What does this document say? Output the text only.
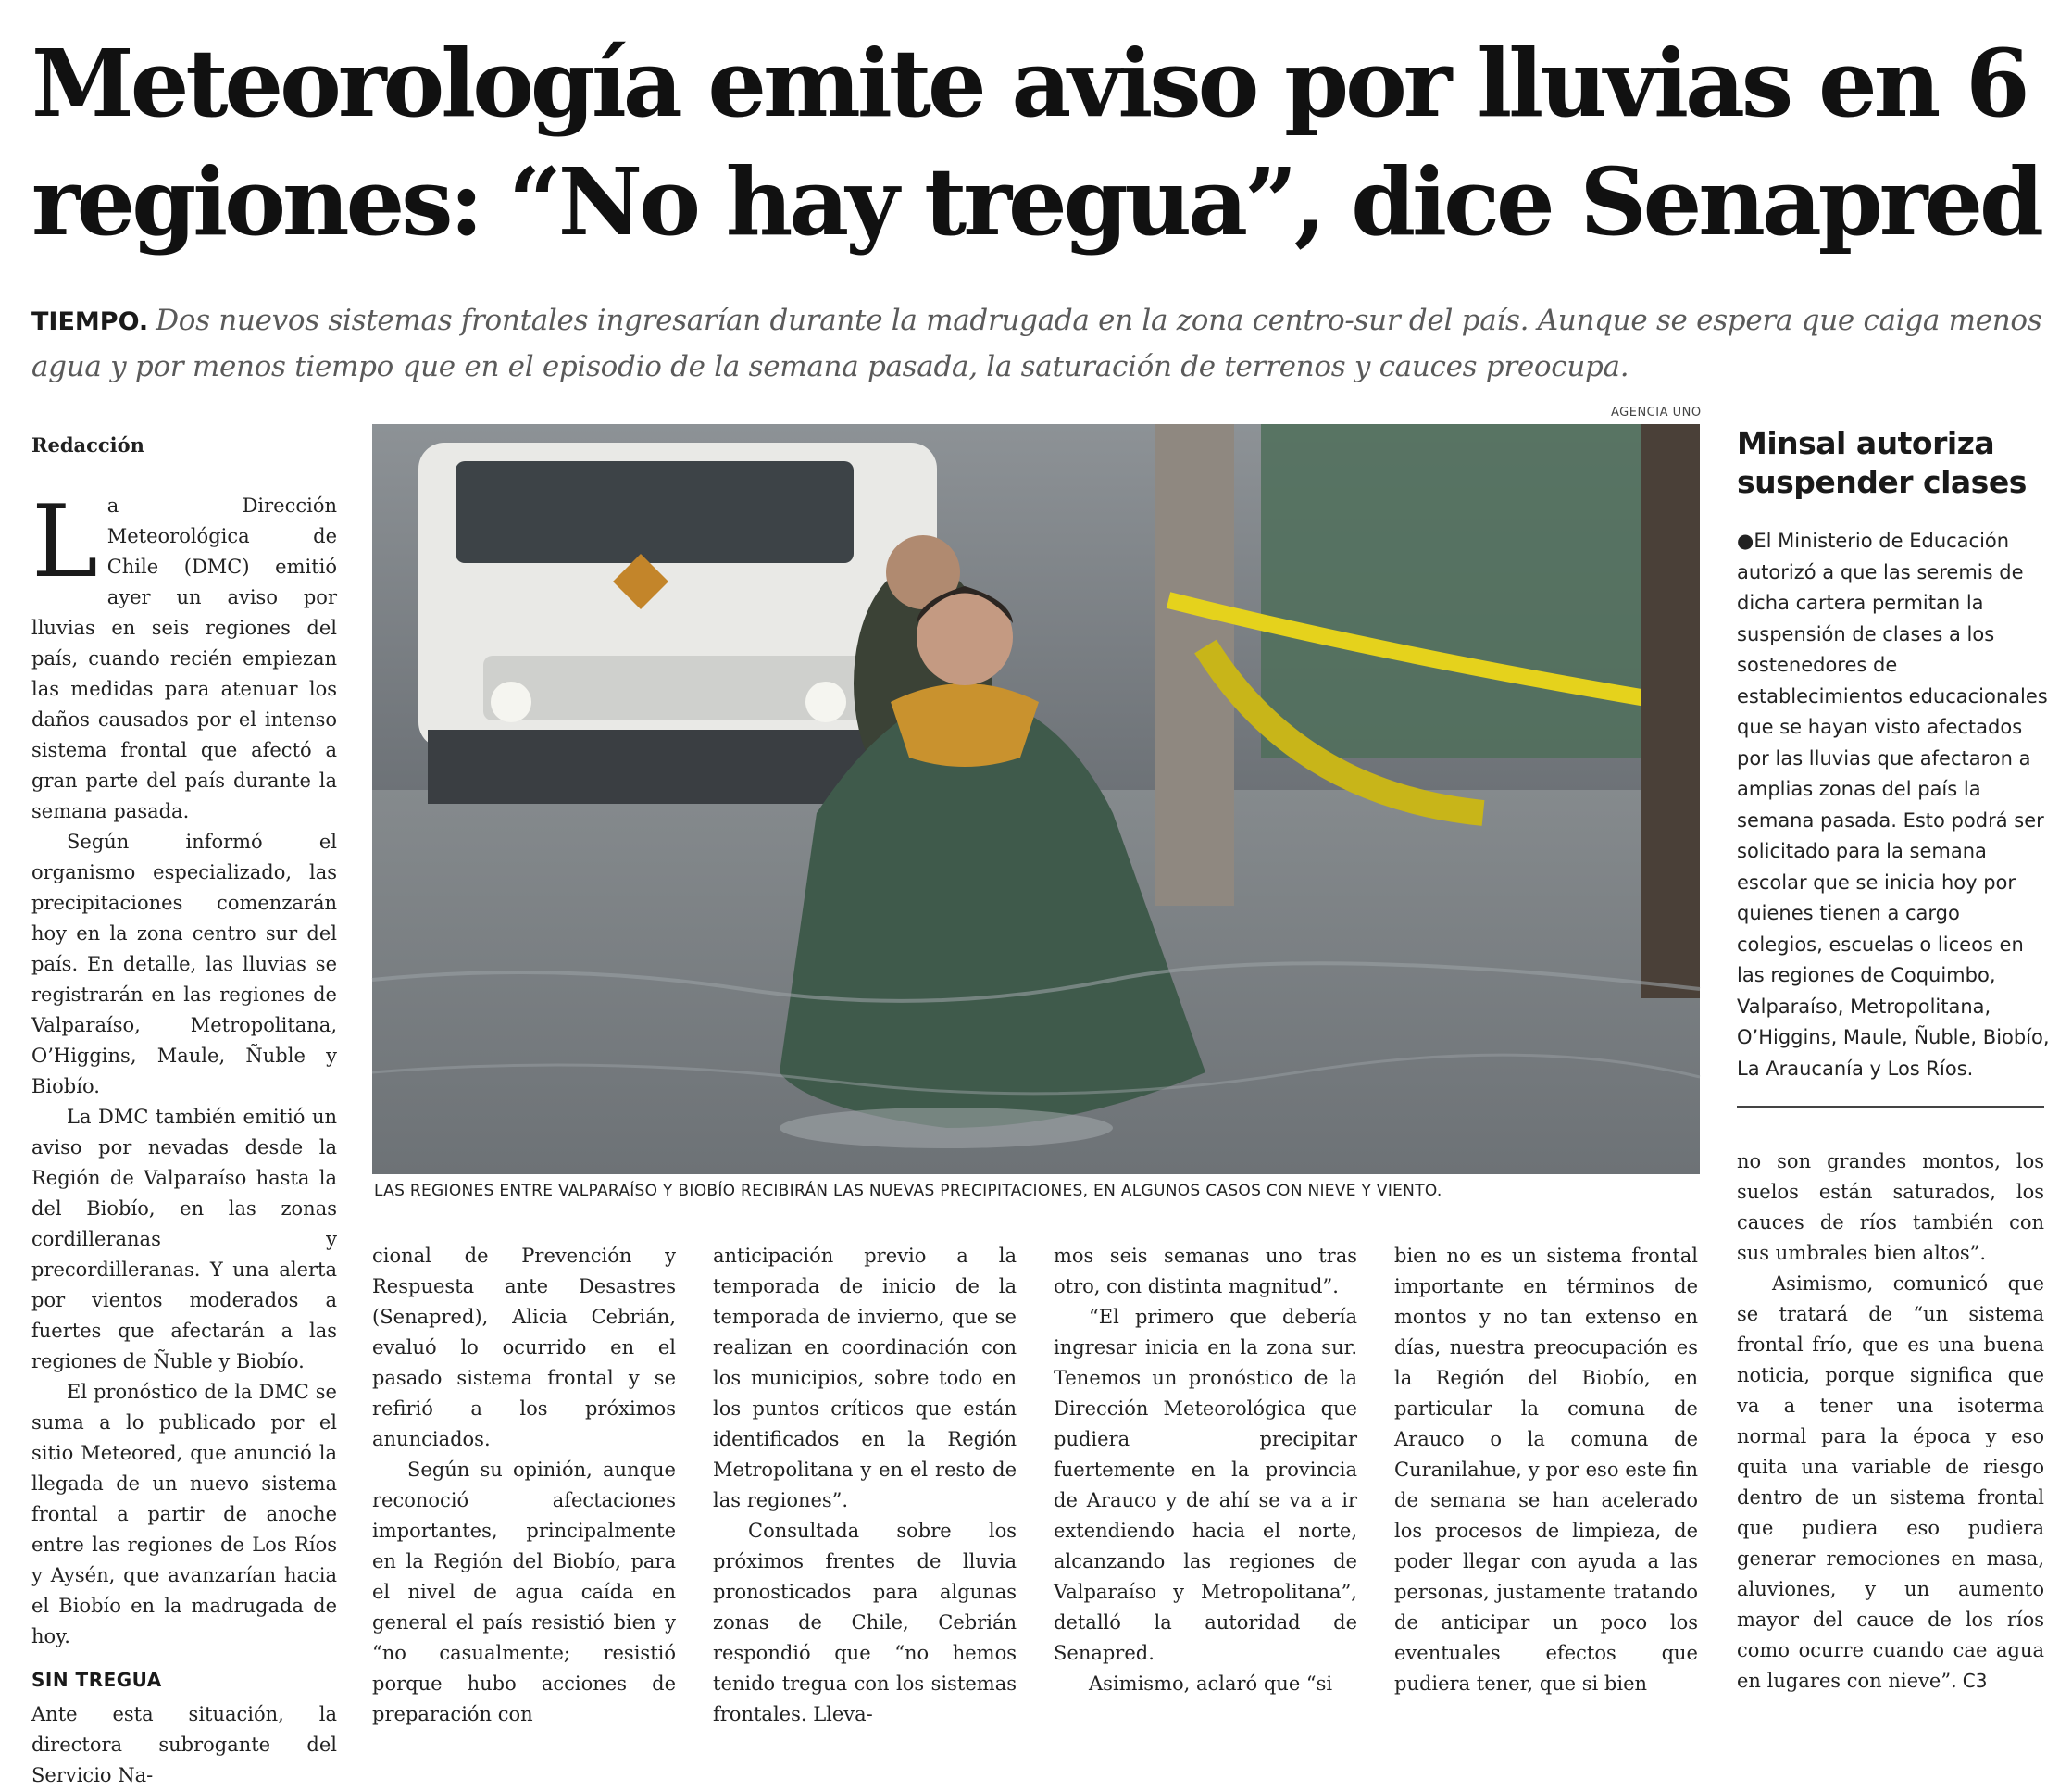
Meteorología emite aviso por lluvias en 6 regiones: “No hay tregua”, dice Senapred

TIEMPO. Dos nuevos sistemas frontales ingresarían durante la madrugada en la zona centro-sur del país. Aunque se espera que caiga menos agua y por menos tiempo que en el episodio de la semana pasada, la saturación de terrenos y cauces preocupa.

Redacción

La Dirección Meteorológica de Chile (DMC) emitió ayer un aviso por lluvias en seis regiones del país, cuando recién empiezan las medidas para atenuar los daños causados por el intenso sistema frontal que afectó a gran parte del país durante la semana pasada.

Según informó el organismo especializado, las precipitaciones comenzarán hoy en la zona centro sur del país. En detalle, las lluvias se registrarán en las regiones de Valparaíso, Metropolitana, O’Higgins, Maule, Ñuble y Biobío.

La DMC también emitió un aviso por nevadas desde la Región de Valparaíso hasta la del Biobío, en las zonas cordilleranas y precordilleranas. Y una alerta por vientos moderados a fuertes que afectarán a las regiones de Ñuble y Biobío.

El pronóstico de la DMC se suma a lo publicado por el sitio Meteored, que anunció la llegada de un nuevo sistema frontal a partir de anoche entre las regiones de Los Ríos y Aysén, que avanzarían hacia el Biobío en la madrugada de hoy.

SIN TREGUA

Ante esta situación, la directora subrogante del Servicio Na-

AGENCIA UNO
LAS REGIONES ENTRE VALPARAÍSO Y BIOBÍO RECIBIRÁN LAS NUEVAS PRECIPITACIONES, EN ALGUNOS CASOS CON NIEVE Y VIENTO.
Minsal autoriza suspender clases

●El Ministerio de Educación autorizó a que las seremis de dicha cartera permitan la suspensión de clases a los sostenedores de establecimientos educacionales que se hayan visto afectados por las lluvias que afectaron a amplias zonas del país la semana pasada. Esto podrá ser solicitado para la semana escolar que se inicia hoy por quienes tienen a cargo colegios, escuelas o liceos en las regiones de Coquimbo, Valparaíso, Metropolitana, O’Higgins, Maule, Ñuble, Biobío, La Araucanía y Los Ríos.

cional de Prevención y Respuesta ante Desastres (Senapred), Alicia Cebrián, evaluó lo ocurrido en el pasado sistema frontal y se refirió a los próximos anunciados.

Según su opinión, aunque reconoció afectaciones importantes, principalmente en la Región del Biobío, para el nivel de agua caída en general el país resistió bien y “no casualmente; resistió porque hubo acciones de preparación con

anticipación previo a la temporada de inicio de la temporada de invierno, que se realizan en coordinación con los municipios, sobre todo en los puntos críticos que están identificados en la Región Metropolitana y en el resto de las regiones”.

Consultada sobre los próximos frentes de lluvia pronosticados para algunas zonas de Chile, Cebrián respondió que “no hemos tenido tregua con los sistemas frontales. Lleva-

mos seis semanas uno tras otro, con distinta magnitud”.

“El primero que debería ingresar inicia en la zona sur. Tenemos un pronóstico de la Dirección Meteorológica que pudiera precipitar fuertemente en la provincia de Arauco y de ahí se va a ir extendiendo hacia el norte, alcanzando las regiones de Valparaíso y Metropolitana”, detalló la autoridad de Senapred.

Asimismo, aclaró que “si

bien no es un sistema frontal importante en términos de montos y no tan extenso en días, nuestra preocupación es la Región del Biobío, en particular la comuna de Arauco o la comuna de Curanilahue, y por eso este fin de semana se han acelerado los procesos de limpieza, de poder llegar con ayuda a las personas, justamente tratando de anticipar un poco los eventuales efectos que pudiera tener, que si bien

no son grandes montos, los suelos están saturados, los cauces de ríos también con sus umbrales bien altos”.

Asimismo, comunicó que se tratará de “un sistema frontal frío, que es una buena noticia, porque significa que va a tener una isoterma normal para la época y eso quita una variable de riesgo dentro de un sistema frontal que pudiera eso pudiera generar remociones en masa, aluviones, y un aumento mayor del cauce de los ríos como ocurre cuando cae agua en lugares con nieve”. C3
